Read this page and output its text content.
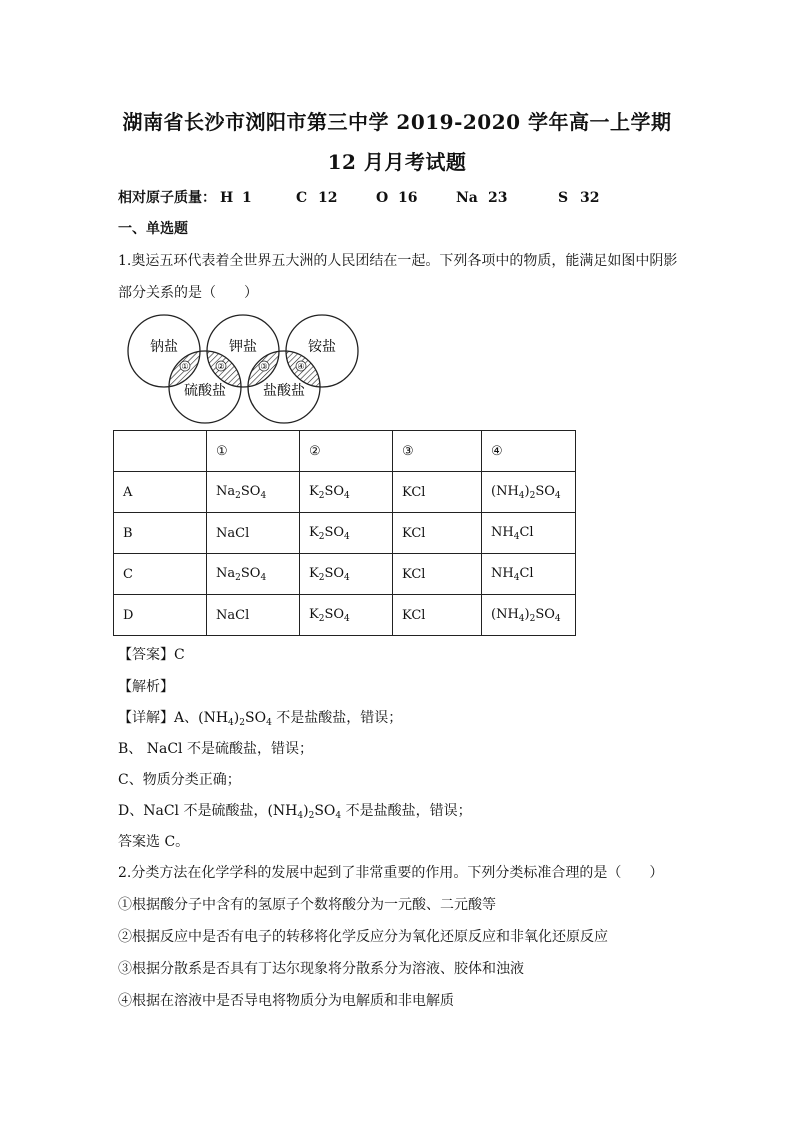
湖南省长沙市浏阳市第三中学 2019-2020 学年高一上学期
12 月月考试题
相对原子质量： H 1	C 12	O 16	Na 23	S 32
一、单选题
1.奥运五环代表着全世界五大洲的人民团结在一起。下列各项中的物质，能满足如图中阴影
部分关系的是（　　）
钠盐	钾盐	铵盐
硫酸盐	盐酸盐
①	②	③	④
	①	②	③	④
A	$Na_2SO_4$	$K_2SO_4$	KCl	$(NH_4)_2SO_4$
B	NaCl	$K_2SO_4$	KCl	$NH_4Cl$
C	$Na_2SO_4$	$K_2SO_4$	KCl	$NH_4Cl$
D	NaCl	$K_2SO_4$	KCl	$(NH_4)_2SO_4$
【答案】C
【解析】
【详解】A、$(NH_4)_2SO_4$ 不是盐酸盐，错误；
B、 NaCl 不是硫酸盐，错误；
C、物质分类正确；
D、NaCl 不是硫酸盐，$(NH_4)_2SO_4$ 不是盐酸盐，错误；
答案选 C。
2.分类方法在化学学科的发展中起到了非常重要的作用。下列分类标准合理的是（　　）
①根据酸分子中含有的氢原子个数将酸分为一元酸、二元酸等
②根据反应中是否有电子的转移将化学反应分为氧化还原反应和非氧化还原反应
③根据分散系是否具有丁达尔现象将分散系分为溶液、胶体和浊液
④根据在溶液中是否导电将物质分为电解质和非电解质
